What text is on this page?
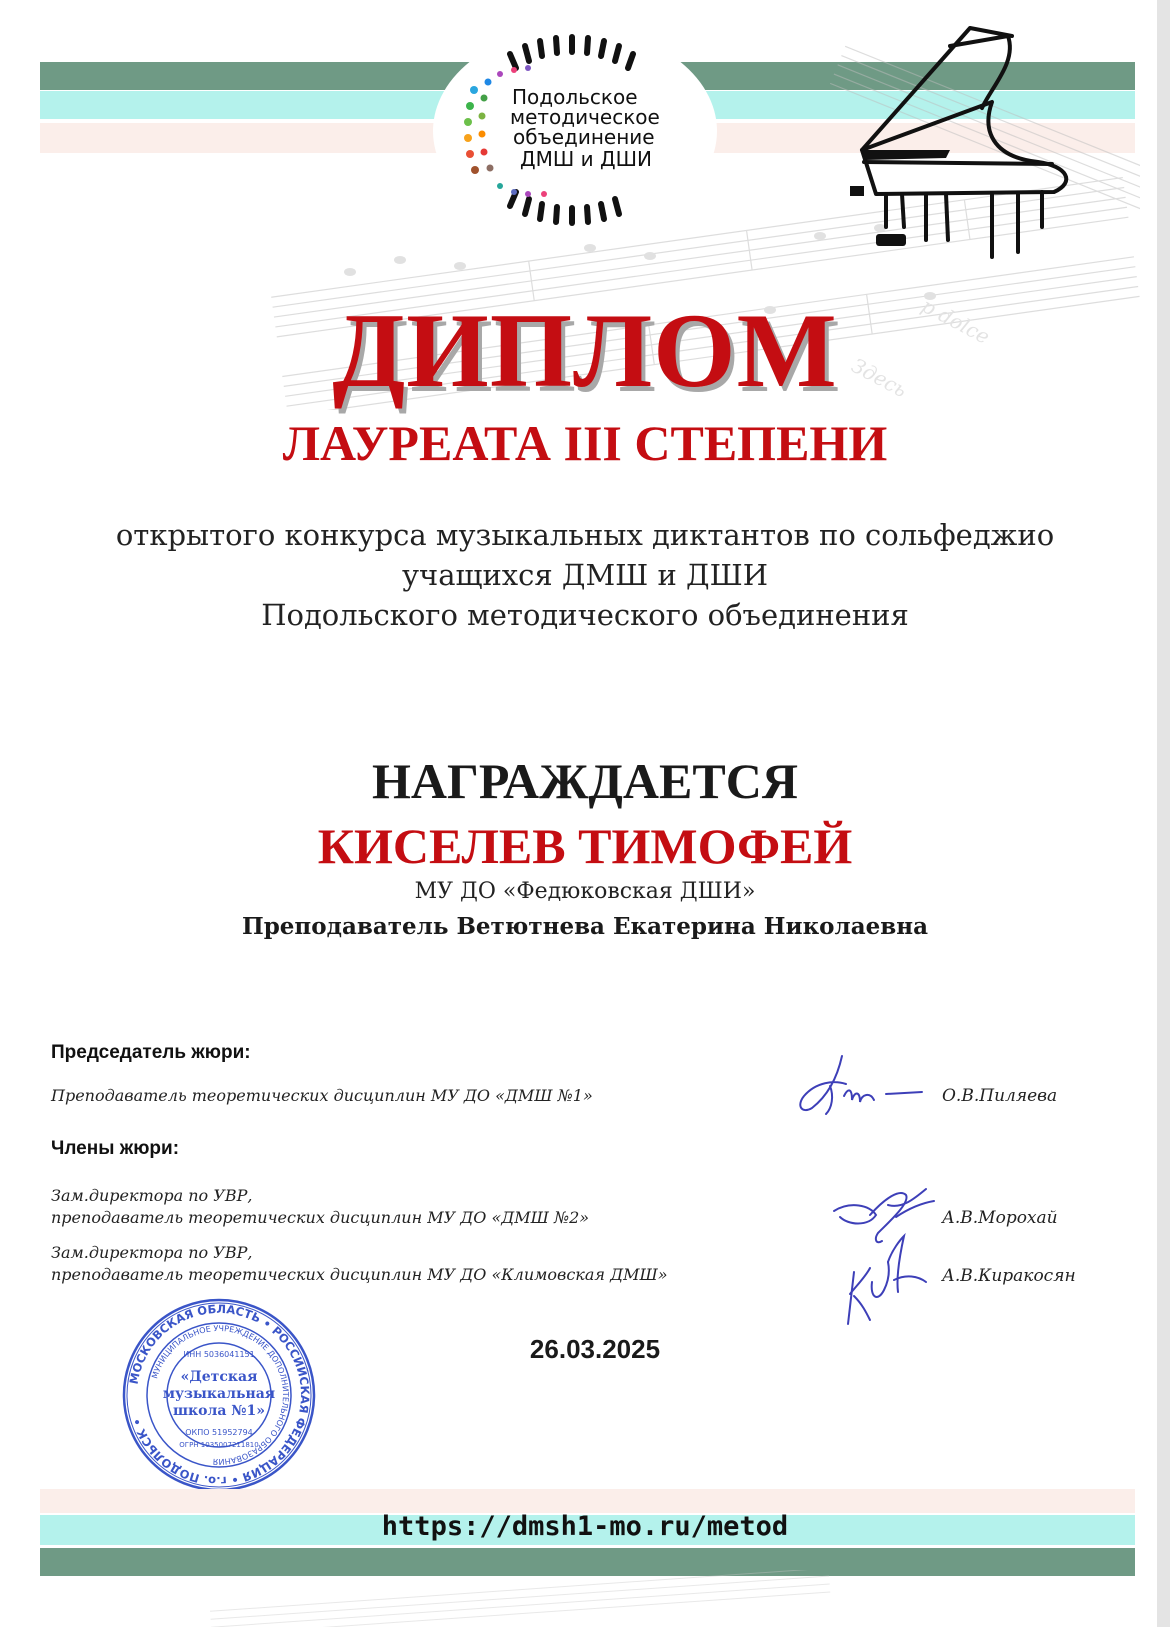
p dolce
Здесь
Подольское
методическое
объединение
ДМШ и ДШИ
ДИПЛОМ
ЛАУРЕАТА III СТЕПЕНИ
открытого конкурса музыкальных диктантов по сольфеджио
учащихся ДМШ и ДШИ
Подольского методического объединения
НАГРАЖДАЕТСЯ
КИСЕЛЕВ ТИМОФЕЙ
МУ ДО «Федюковская ДШИ»
Преподаватель Ветютнева Екатерина Николаевна
Председатель жюри:
Преподаватель теоретических дисциплин МУ ДО «ДМШ №1»	О.В.Пиляева
Члены жюри:
Зам.директора по УВР,
преподаватель теоретических дисциплин МУ ДО «ДМШ №2»	А.В.Морохай
Зам.директора по УВР,
преподаватель теоретических дисциплин МУ ДО «Климовская ДМШ»	А.В.Киракосян
МОСКОВСКАЯ ОБЛАСТЬ • РОССИЙСКАЯ ФЕДЕРАЦИЯ • г.о. ПОДОЛЬСК •
МУНИЦИПАЛЬНОЕ УЧРЕЖДЕНИЕ ДОПОЛНИТЕЛЬНОГО ОБРАЗОВАНИЯ
ИНН 5036041151
«Детская
музыкальная
школа №1»
ОКПО 51952794
ОГРН 1035007211810
26.03.2025
https://dmsh1-mo.ru/metod
